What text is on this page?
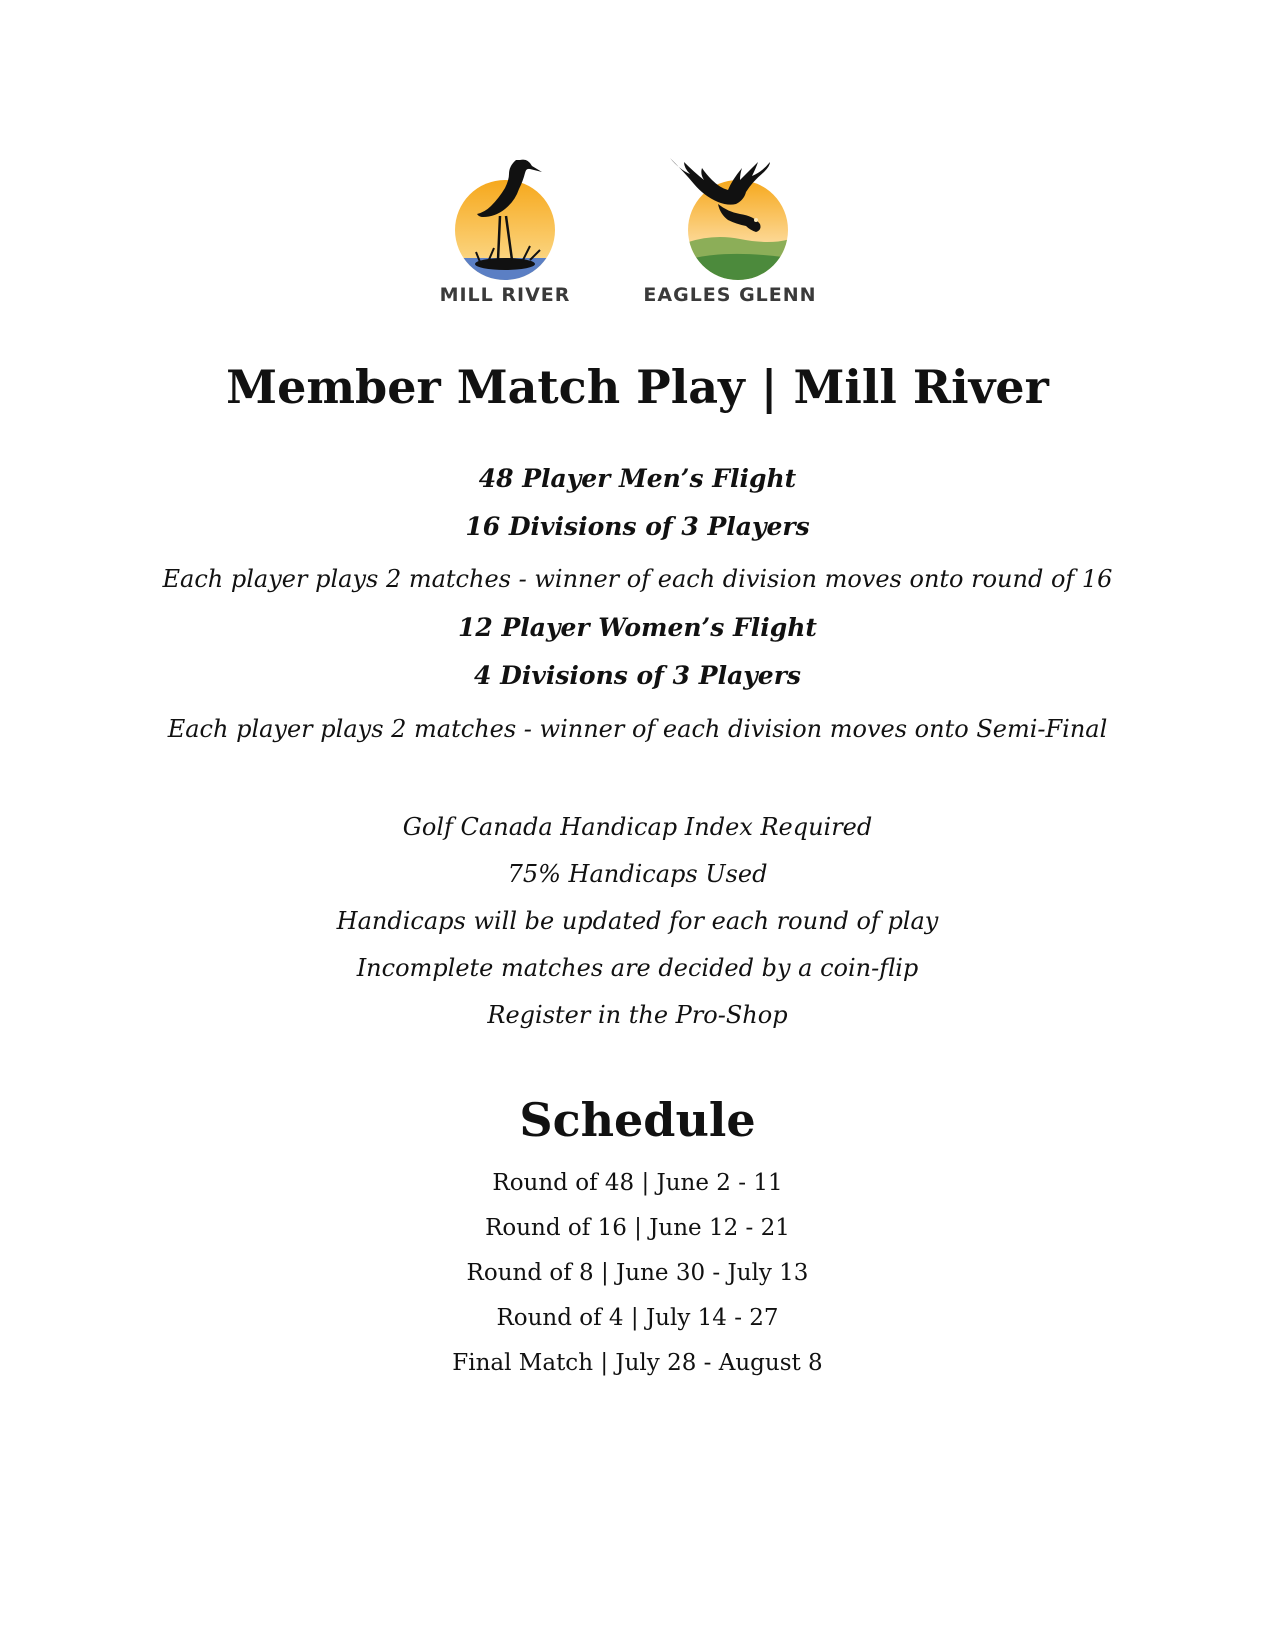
MILL RIVER	EAGLES GLENN
Member Match Play | Mill River
48 Player Men’s Flight
16 Divisions of 3 Players
Each player plays 2 matches - winner of each division moves onto round of 16
12 Player Women’s Flight
4 Divisions of 3 Players
Each player plays 2 matches - winner of each division moves onto Semi-Final
Golf Canada Handicap Index Required
75% Handicaps Used
Handicaps will be updated for each round of play
Incomplete matches are decided by a coin-flip
Register in the Pro-Shop
Schedule
Round of 48 | June 2 - 11
Round of 16 | June 12 - 21
Round of 8 | June 30 - July 13
Round of 4 | July 14 - 27
Final Match | July 28 - August 8
